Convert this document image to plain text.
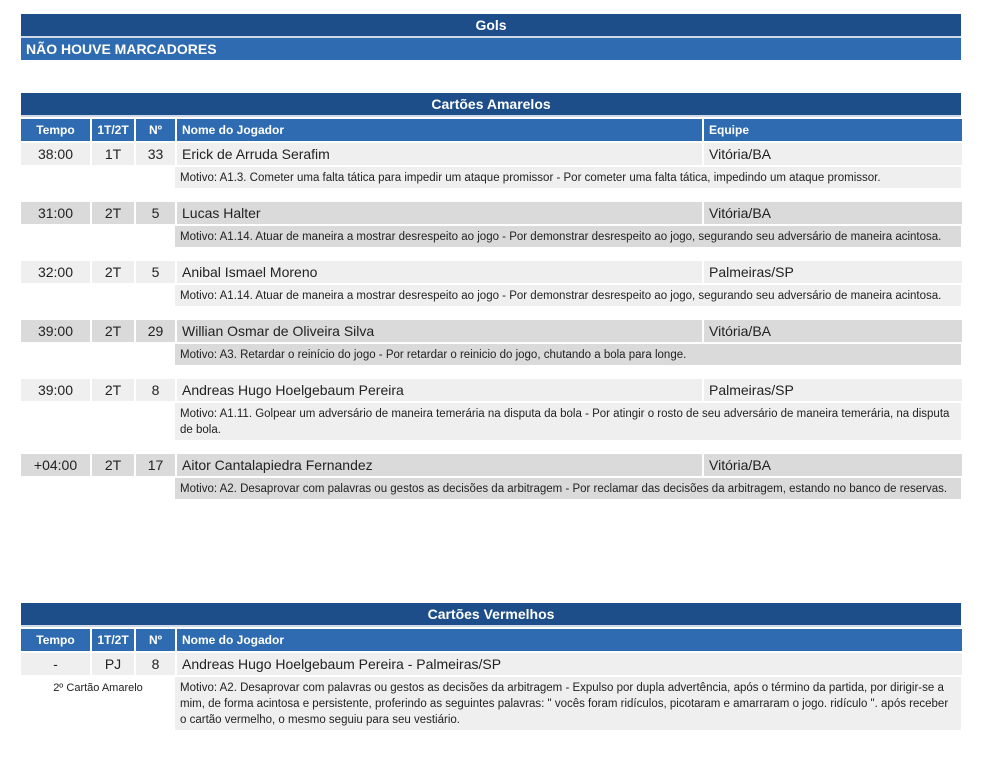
Gols
NÃO HOUVE MARCADORES
Cartões Amarelos
Tempo	1T/2T	Nº	Nome do Jogador	Equipe
38:00	1T	33	Erick de Arruda Serafim	Vitória/BA
Motivo: A1.3. Cometer uma falta tática para impedir um ataque promissor - Por cometer uma falta tática, impedindo um ataque promissor.
31:00	2T	5	Lucas Halter	Vitória/BA
Motivo: A1.14. Atuar de maneira a mostrar desrespeito ao jogo - Por demonstrar desrespeito ao jogo, segurando seu adversário de maneira acintosa.
32:00	2T	5	Anibal Ismael Moreno	Palmeiras/SP
Motivo: A1.14. Atuar de maneira a mostrar desrespeito ao jogo - Por demonstrar desrespeito ao jogo, segurando seu adversário de maneira acintosa.
39:00	2T	29	Willian Osmar de Oliveira Silva	Vitória/BA
Motivo: A3. Retardar o reinício do jogo - Por retardar o reinicio do jogo, chutando a bola para longe.
39:00	2T	8	Andreas Hugo Hoelgebaum Pereira	Palmeiras/SP
Motivo: A1.11. Golpear um adversário de maneira temerária na disputa da bola - Por atingir o rosto de seu adversário de maneira temerária, na disputa de bola.
+04:00	2T	17	Aitor Cantalapiedra Fernandez	Vitória/BA
Motivo: A2. Desaprovar com palavras ou gestos as decisões da arbitragem - Por reclamar das decisões da arbitragem, estando no banco de reservas.
Cartões Vermelhos
Tempo	1T/2T	Nº	Nome do Jogador
-	PJ	8	Andreas Hugo Hoelgebaum Pereira - Palmeiras/SP
2º Cartão Amarelo	Motivo: A2. Desaprovar com palavras ou gestos as decisões da arbitragem - Expulso por dupla advertência, após o término da partida, por dirigir-se a mim, de forma acintosa e persistente, proferindo as seguintes palavras: " vocês foram ridículos, picotaram e amarraram o jogo. ridículo ". após receber o cartão vermelho, o mesmo seguiu para seu vestiário.
